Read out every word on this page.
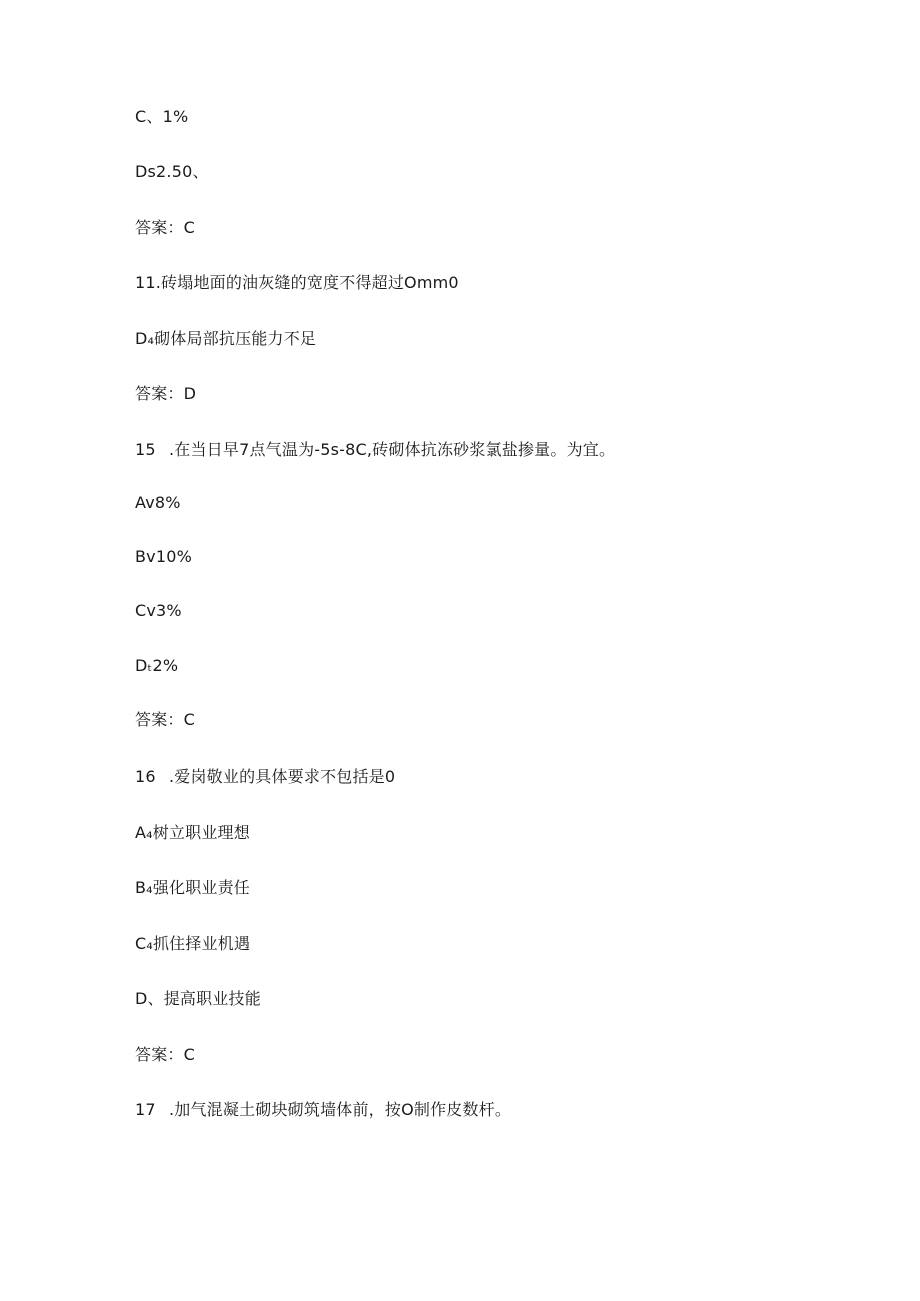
C、1%
Ds2.50、
答案：C
11.砖塌地面的油灰缝的宽度不得超过Omm0
D₄砌体局部抗压能力不足
答案：D
15 .在当日早7点气温为-5s-8C,砖砌体抗冻砂浆氯盐掺量。为宜。
Av8%
Bv10%
Cv3%
Dₜ2%
答案：C
16 .爱岗敬业的具体要求不包括是0
A₄树立职业理想
B₄强化职业责任
C₄抓住择业机遇
D、提高职业技能
答案：C
17 .加气混凝土砌块砌筑墙体前，按O制作皮数杆。
